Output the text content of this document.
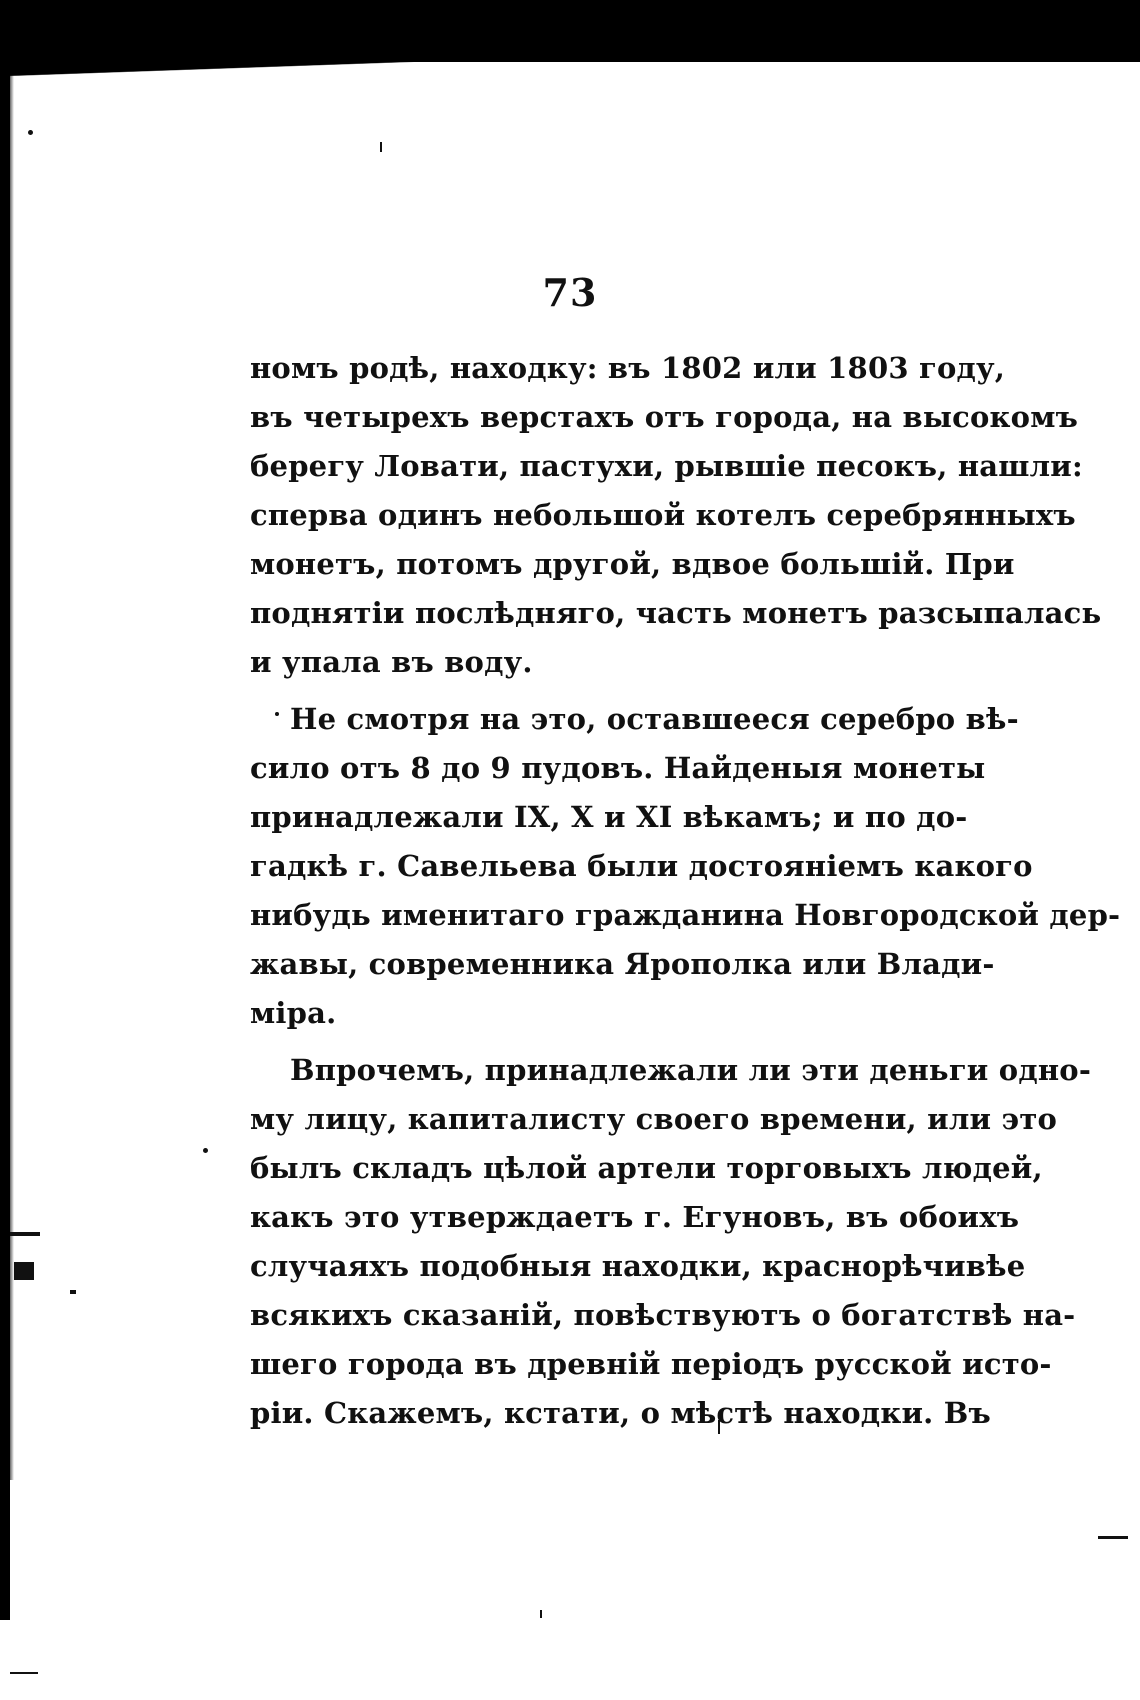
73
номъ родѣ, находку: въ 1802 или 1803 году,
въ четырехъ верстахъ отъ города, на высокомъ
берегу Ловати, пастухи, рывшіе песокъ, нашли:
сперва одинъ небольшой котелъ серебрянныхъ
монетъ, потомъ другой, вдвое большій. При
поднятіи послѣдняго, часть монетъ разсыпалась
и упала въ воду.
Не смотря на это, оставшееся серебро вѣ-
сило отъ 8 до 9 пудовъ. Найденыя монеты
принадлежали IX, X и XI вѣкамъ; и по до-
гадкѣ г. Савельева были достояніемъ какого
нибудь именитаго гражданина Новгородской дер-
жавы, современника Ярополка или Влади-
міра.
Впрочемъ, принадлежали ли эти деньги одно-
му лицу, капиталисту своего времени, или это
былъ складъ цѣлой артели торговыхъ людей,
какъ это утверждаетъ г. Егуновъ, въ обоихъ
случаяхъ подобныя находки, краснорѣчивѣе
всякихъ сказаній, повѣствуютъ о богатствѣ на-
шего города въ древній періодъ русской исто-
ріи. Скажемъ, кстати, о мѣстѣ находки. Въ
